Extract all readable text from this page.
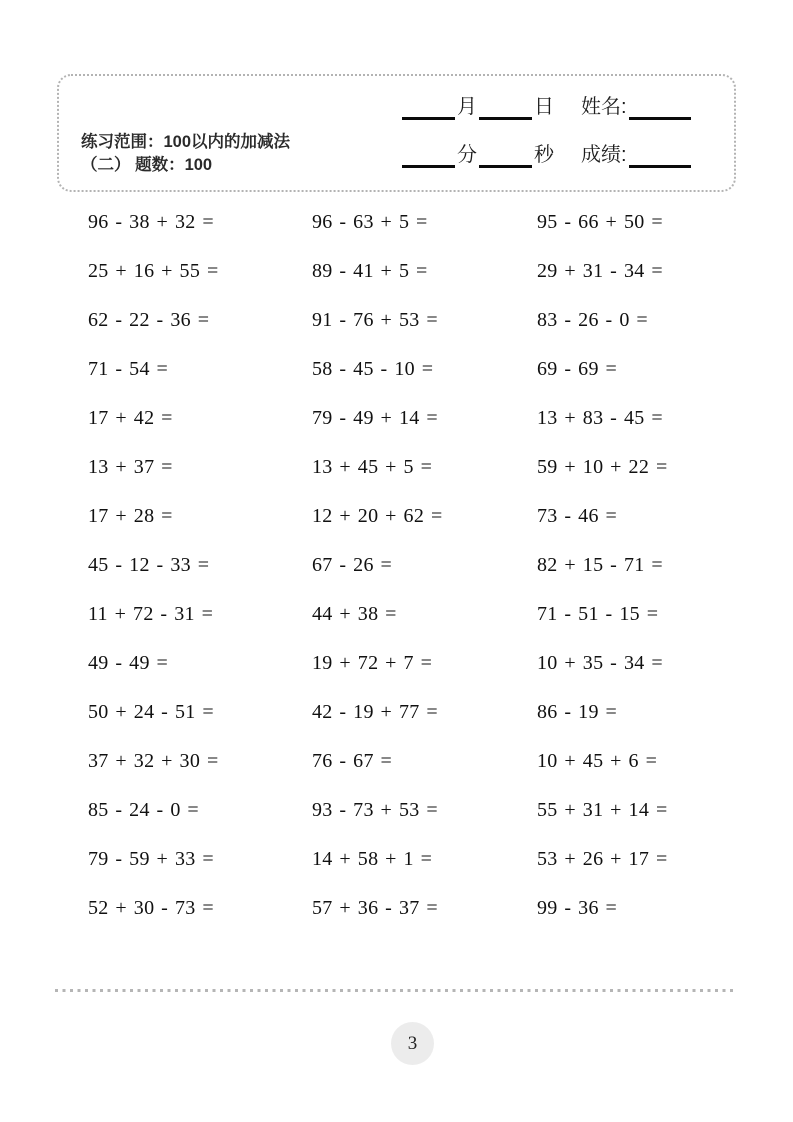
练习范围：100以内的加减法
（二） 题数：100
月	日 姓名:
分	秒 成绩:
96 - 38 + 32 =	96 - 63 + 5 =	95 - 66 + 50 =
25 + 16 + 55 =	89 - 41 + 5 =	29 + 31 - 34 =
62 - 22 - 36 =	91 - 76 + 53 =	83 - 26 - 0 =
71 - 54 =	58 - 45 - 10 =	69 - 69 =
17 + 42 =	79 - 49 + 14 =	13 + 83 - 45 =
13 + 37 =	13 + 45 + 5 =	59 + 10 + 22 =
17 + 28 =	12 + 20 + 62 =	73 - 46 =
45 - 12 - 33 =	67 - 26 =	82 + 15 - 71 =
11 + 72 - 31 =	44 + 38 =	71 - 51 - 15 =
49 - 49 =	19 + 72 + 7 =	10 + 35 - 34 =
50 + 24 - 51 =	42 - 19 + 77 =	86 - 19 =
37 + 32 + 30 =	76 - 67 =	10 + 45 + 6 =
85 - 24 - 0 =	93 - 73 + 53 =	55 + 31 + 14 =
79 - 59 + 33 =	14 + 58 + 1 =	53 + 26 + 17 =
52 + 30 - 73 =	57 + 36 - 37 =	99 - 36 =
3
